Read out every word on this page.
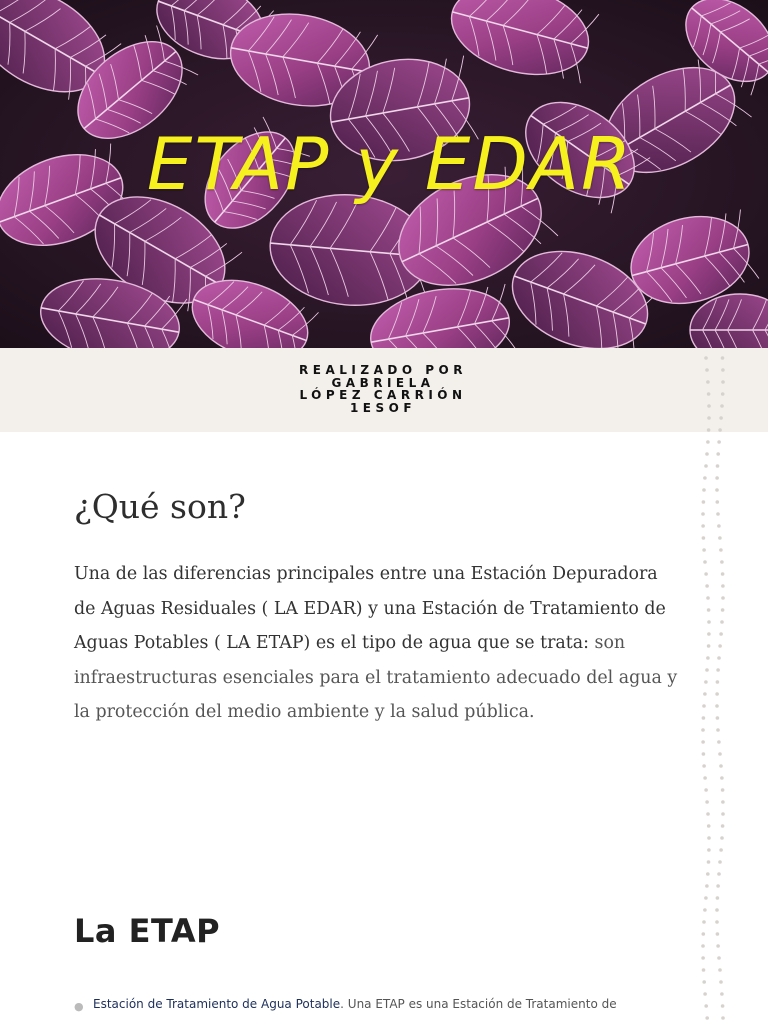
ETAP y EDAR
REALIZADO POR
GABRIELA
LÓPEZ CARRIÓN
1ESOF
¿Qué son?

Una de las diferencias principales entre una Estación Depuradora de Aguas Residuales ( LA EDAR) y una Estación de Tratamiento de Aguas Potables ( LA ETAP) es el tipo de agua que se trata: son infraestructuras esenciales para el tratamiento adecuado del agua y la protección del medio ambiente y la salud pública.

La ETAP
● Estación de Tratamiento de Agua Potable. Una ETAP es una Estación de Tratamiento de
